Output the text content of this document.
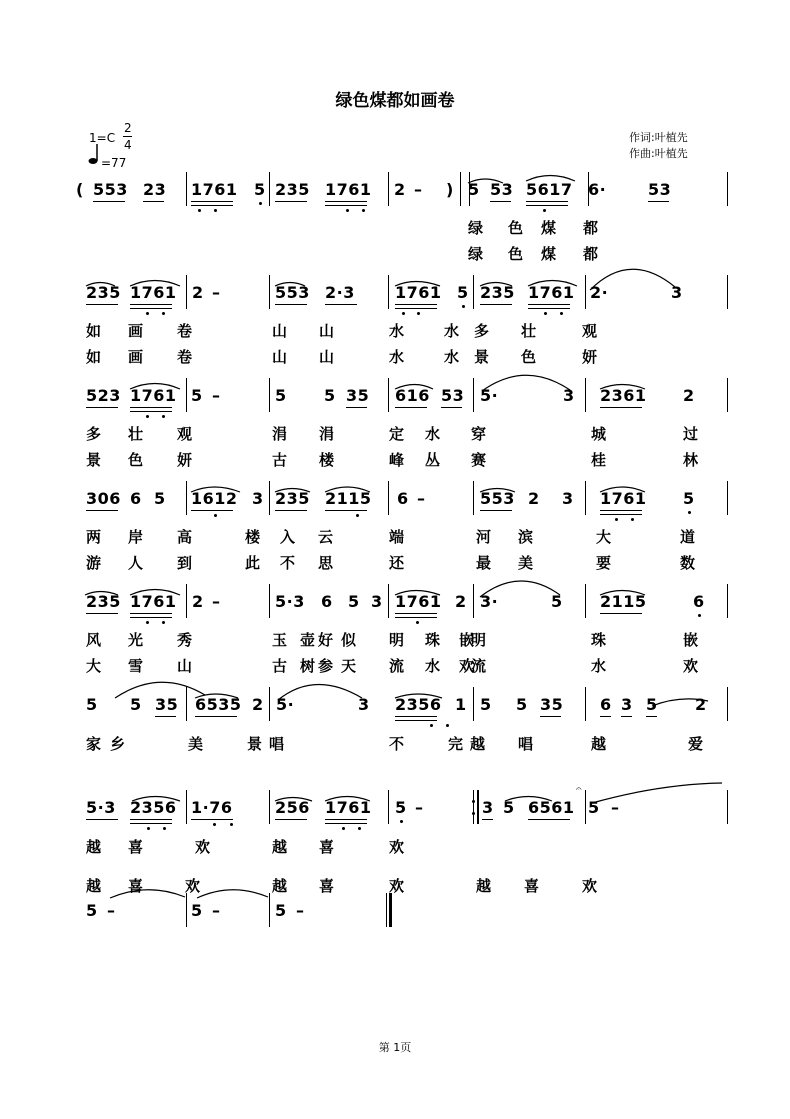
绿色煤都如画卷
1=C
2
4
=77
作词:叶植先
作曲:叶植先
( 553 23 1761 5 235 1761 2 – ) 5 53 5617 6·	53
绿 色 煤 都
绿 色 煤 都
235 1761 2 –	553 2·3	1761 5 235 1761 2·	3
如 画 卷	山 山	水	水 多 壮	观
如 画 卷	山 山	水	水 景 色	妍
523 1761 5 –	5 5 35 616 53 5·	3 2361 2
多 壮 观	涓 涓	定 水 穿	城	过
景 色 妍	古 楼	峰 丛 赛	桂	林
306 6 5 1612 3 235 2115 6 –	553 2 3 1761 5
两 岸 高	楼 入 云	端	河 滨	大	道
游 人 到	此 不 思	还	最 美	要	数
235 1761 2 –	5·3 6 5 3 1761 2 3·	5 2115	6
风 光 秀	玉 壶 好 似 明 珠 嵌
明	珠	嵌
大 雪 山	古 树 参 天 流 水 欢
流	水	欢
5 5 35 6535 2 5·	3 2356 1 5 5 35 6 3 5 2
家 乡	美	景 唱	不	完 越 唱	越	爱
5·3 2356 1·76	256 1761 5 –	3 5 6561 5 –
越 喜	欢	越 喜	欢
5 –	5 –	5 –
越 喜	欢	越 喜	欢	越 喜	欢
𝄐
第 1页
